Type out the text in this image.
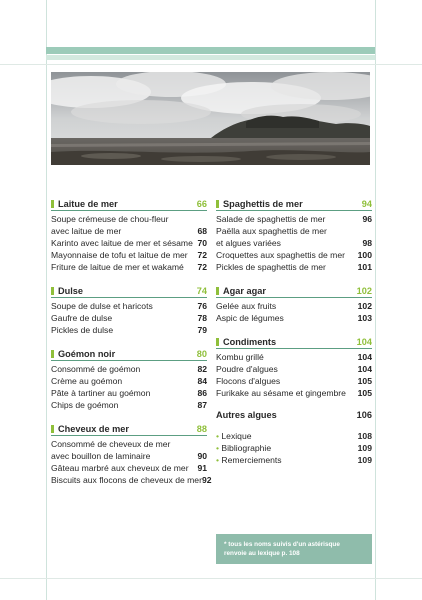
Laitue de mer	66
Soupe crémeuse de chou-fleur
avec laitue de mer	68
Karinto avec laitue de mer et sésame 70
Mayonnaise de tofu et laitue de mer 72
Friture de laitue de mer et wakamé 72
Dulse	74
Soupe de dulse et haricots	76
Gaufre de dulse	78
Pickles de dulse	79
Goémon noir	80
Consommé de goémon	82
Crème au goémon	84
Pâte à tartiner au goémon	86
Chips de goémon	87
Cheveux de mer	88
Consommé de cheveux de mer
avec bouillon de laminaire	90
Gâteau marbré aux cheveux de mer 91
Biscuits aux flocons de cheveux de mer 92
Spaghettis de mer	94
Salade de spaghettis de mer	96
Paëlla aux spaghettis de mer
et algues variées	98
Croquettes aux spaghettis de mer 100
Pickles de spaghettis de mer	101
Agar agar	102
Gelée aux fruits	102
Aspic de légumes	103
Condiments	104
Kombu grillé	104
Poudre d'algues	104
Flocons d'algues	105
Furikake au sésame et gingembre 105
Autres algues	106
• Lexique	108
• Bibliographie	109
• Remerciements	109
* tous les noms suivis d'un astérisque renvoie au lexique p. 108
